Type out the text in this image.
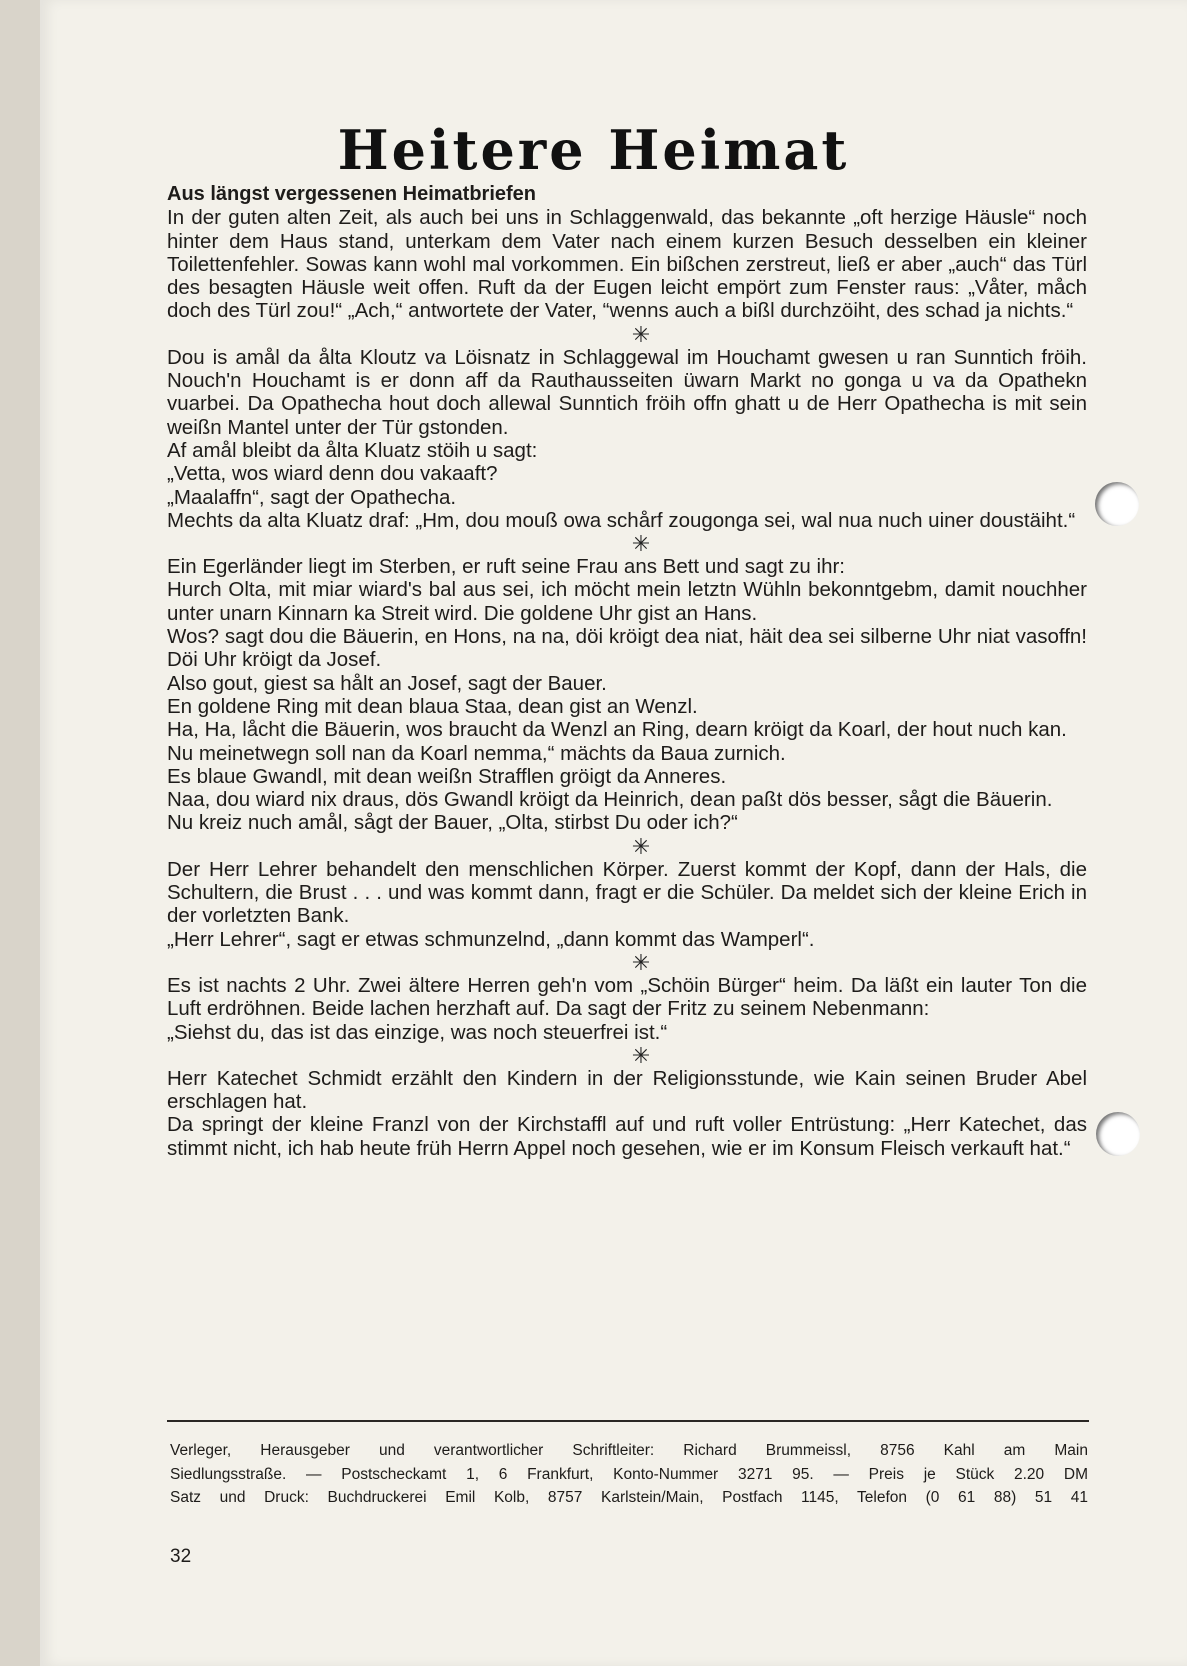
Heitere Heimat

Aus längst vergessenen Heimatbriefen

In der guten alten Zeit, als auch bei uns in Schlaggenwald, das bekannte „oft herzige Häusle“ noch hinter dem Haus stand, unterkam dem Vater nach einem kurzen Besuch desselben ein kleiner Toilettenfehler. Sowas kann wohl mal vorkommen. Ein bißchen zerstreut, ließ er aber „auch“ das Türl des besagten Häusle weit offen. Ruft da der Eugen leicht empört zum Fenster raus: „Våter, måch doch des Türl zou!“ „Ach,“ antwortete der Vater, “wenns auch a bißl durchzöiht, des schad ja nichts.“

✳

Dou is amål da ålta Kloutz va Löisnatz in Schlaggewal im Houchamt gwesen u ran Sunntich fröih. Nouch'n Houchamt is er donn aff da Rauthausseiten üwarn Markt no gonga u va da Opathekn vuarbei. Da Opathecha hout doch allewal Sunntich fröih offn ghatt u de Herr Opathecha is mit sein weißn Mantel unter der Tür gstonden.

Af amål bleibt da ålta Kluatz stöih u sagt:

„Vetta, wos wiard denn dou vakaaft?

„Maalaffn“, sagt der Opathecha.

Mechts da alta Kluatz draf: „Hm, dou mouß owa schårf zougonga sei, wal nua nuch uiner doustäiht.“

✳

Ein Egerländer liegt im Sterben, er ruft seine Frau ans Bett und sagt zu ihr:

Hurch Olta, mit miar wiard's bal aus sei, ich möcht mein letztn Wühln bekonntgebm, damit nouchher unter unarn Kinnarn ka Streit wird. Die goldene Uhr gist an Hans.

Wos? sagt dou die Bäuerin, en Hons, na na, döi kröigt dea niat, häit dea sei silberne Uhr niat vasoffn! Döi Uhr kröigt da Josef.

Also gout, giest sa hålt an Josef, sagt der Bauer.

En goldene Ring mit dean blaua Staa, dean gist an Wenzl.

Ha, Ha, låcht die Bäuerin, wos braucht da Wenzl an Ring, dearn kröigt da Koarl, der hout nuch kan.

Nu meinetwegn soll nan da Koarl nemma,“ mächts da Baua zurnich.

Es blaue Gwandl, mit dean weißn Strafflen gröigt da Anneres.

Naa, dou wiard nix draus, dös Gwandl kröigt da Heinrich, dean paßt dös besser, sågt die Bäuerin.

Nu kreiz nuch amål, sågt der Bauer, „Olta, stirbst Du oder ich?“

✳

Der Herr Lehrer behandelt den menschlichen Körper. Zuerst kommt der Kopf, dann der Hals, die Schultern, die Brust . . . und was kommt dann, fragt er die Schüler. Da meldet sich der kleine Erich in der vorletzten Bank.

„Herr Lehrer“, sagt er etwas schmunzelnd, „dann kommt das Wamperl“.

✳

Es ist nachts 2 Uhr. Zwei ältere Herren geh'n vom „Schöin Bürger“ heim. Da läßt ein lauter Ton die Luft erdröhnen. Beide lachen herzhaft auf. Da sagt der Fritz zu seinem Nebenmann:

„Siehst du, das ist das einzige, was noch steuerfrei ist.“

✳

Herr Katechet Schmidt erzählt den Kindern in der Religionsstunde, wie Kain seinen Bruder Abel erschlagen hat.

Da springt der kleine Franzl von der Kirchstaffl auf und ruft voller Entrüstung: „Herr Katechet, das stimmt nicht, ich hab heute früh Herrn Appel noch gesehen, wie er im Konsum Fleisch verkauft hat.“

Verleger, Herausgeber und verantwortlicher Schriftleiter: Richard Brummeissl, 8756 Kahl am Main
Siedlungsstraße. — Postscheckamt 1, 6 Frankfurt, Konto-Nummer 3271 95. — Preis je Stück 2.20 DM
Satz und Druck: Buchdruckerei Emil Kolb, 8757 Karlstein/Main, Postfach 1145, Telefon (0 61 88) 51 41
32
